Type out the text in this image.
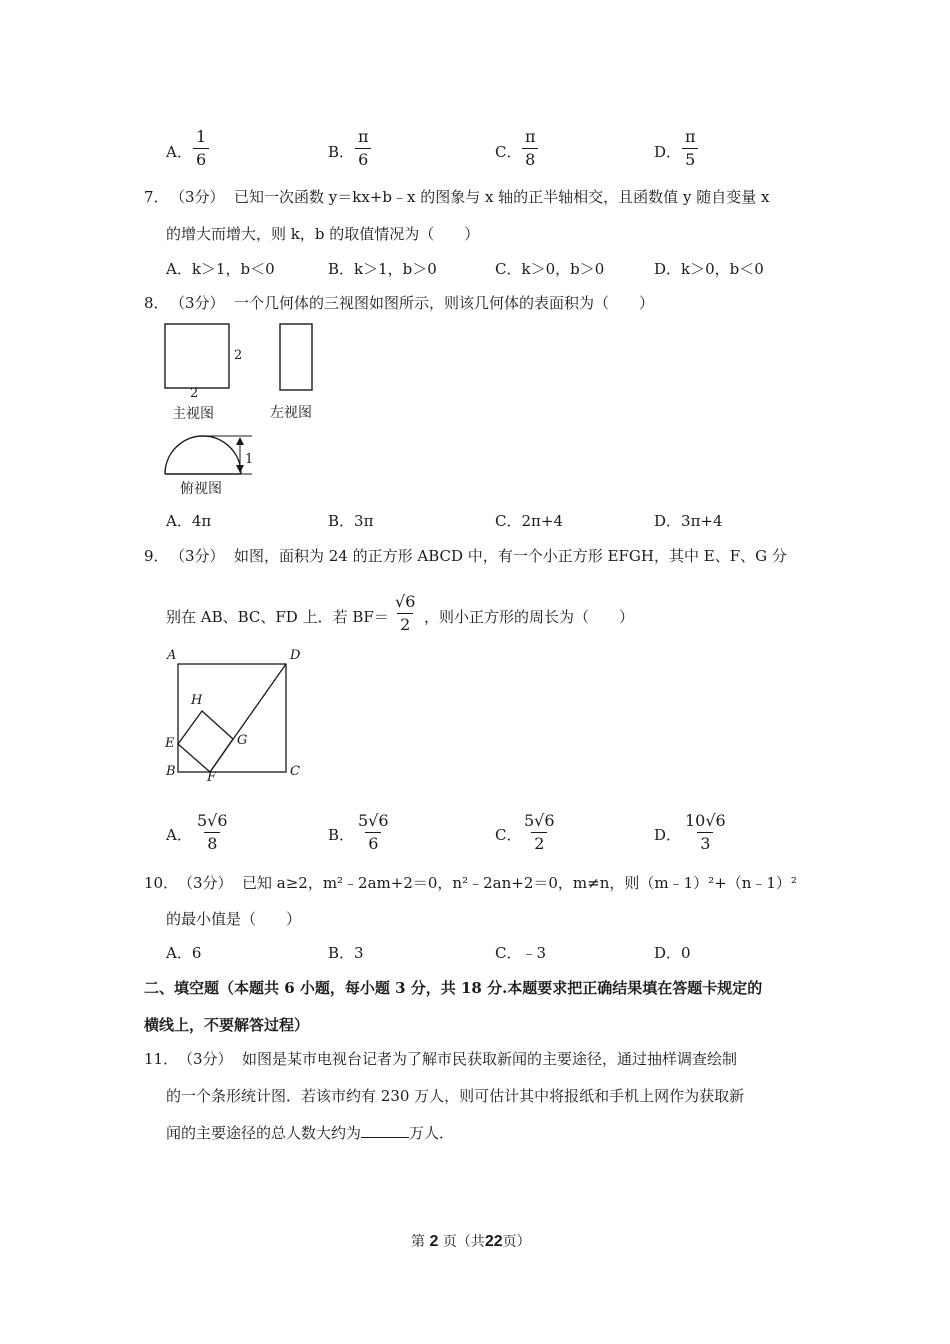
A． $\frac{1}{6}$	B． $\frac{\pi}{6}$	C． $\frac{\pi}{8}$	D． $\frac{\pi}{5}$
7． （3分） 已知一次函数 y＝kx+b﹣x 的图象与 x 轴的正半轴相交，且函数值 y 随自变量 x
的增大而增大，则 k，b 的取值情况为（　　）
A．k＞1，b＜0	B．k＞1，b＞0	C．k＞0，b＞0	D．k＞0，b＜0
8． （3分） 一个几何体的三视图如图所示，则该几何体的表面积为（　　）
2
2
主视图	左视图
1
俯视图
A．4π	B．3π	C．2π+4	D．3π+4
9． （3分） 如图，面积为 24 的正方形 ABCD 中，有一个小正方形 EFGH，其中 E、F、G 分
别在 AB、BC、FD 上．若 $BF= \frac{√6}{2}$ ，则小正方形的周长为（　　）
A	D
H
E	G
B F	C
A． $\frac{5√6}{8}$	B． $\frac{5√6}{6}$	C． $\frac{5√6}{2}$	D． $\frac{10√6}{3}$
10． （3分） 已知 a≥2，m²﹣2am+2＝0，n²﹣2an+2＝0，m≠n，则（m﹣1）²+（n﹣1）²
的最小值是（　　）
A．6	B．3	C．﹣3	D．0
二、填空题（本题共 6 小题，每小题 3 分，共 18 分.本题要求把正确结果填在答题卡规定的
横线上，不要解答过程）
11． （3分） 如图是某市电视台记者为了解市民获取新闻的主要途径，通过抽样调查绘制
的一个条形统计图．若该市约有 230 万人，则可估计其中将报纸和手机上网作为获取新
闻的主要途径的总人数大约为	万人．
第 2 页（共22页）
